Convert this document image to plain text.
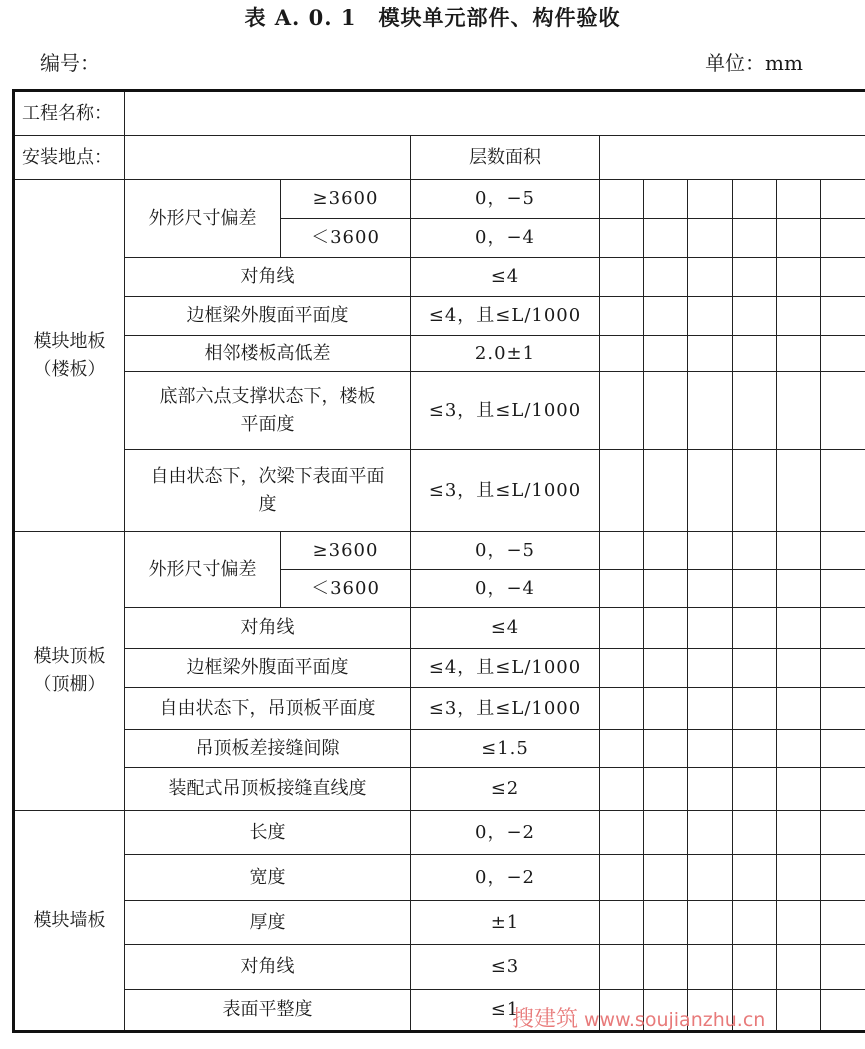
表 A. 0. 1　模块单元部件、构件验收
编号：	单位：mm
工程名称：									
安装地点：			层数面积						
模块地板（楼板）	外形尺寸偏差	≥3600	0，−5						
		＜3600	0，−4						
	对角线		≤4						
	边框梁外腹面平面度		≤4，且≤L/1000						
	相邻楼板高低差		2.0±1						
	底部六点支撑状态下，楼板平面度		≤3，且≤L/1000						
	自由状态下，次梁下表面平面度		≤3，且≤L/1000						

模块顶板（顶棚）	外形尺寸偏差	≥3600	0，−5						
		＜3600	0，−4						
	对角线		≤4						
	边框梁外腹面平面度		≤4，且≤L/1000						
	自由状态下，吊顶板平面度		≤3，且≤L/1000						
	吊顶板差接缝间隙		≤1.5						
	装配式吊顶板接缝直线度		≤2						
模块墙板	长度		0，−2						
	宽度		0，−2						
	厚度		±1						
	对角线		≤3						
	表面平整度		≤1						
搜建筑 www.soujianzhu.cn
